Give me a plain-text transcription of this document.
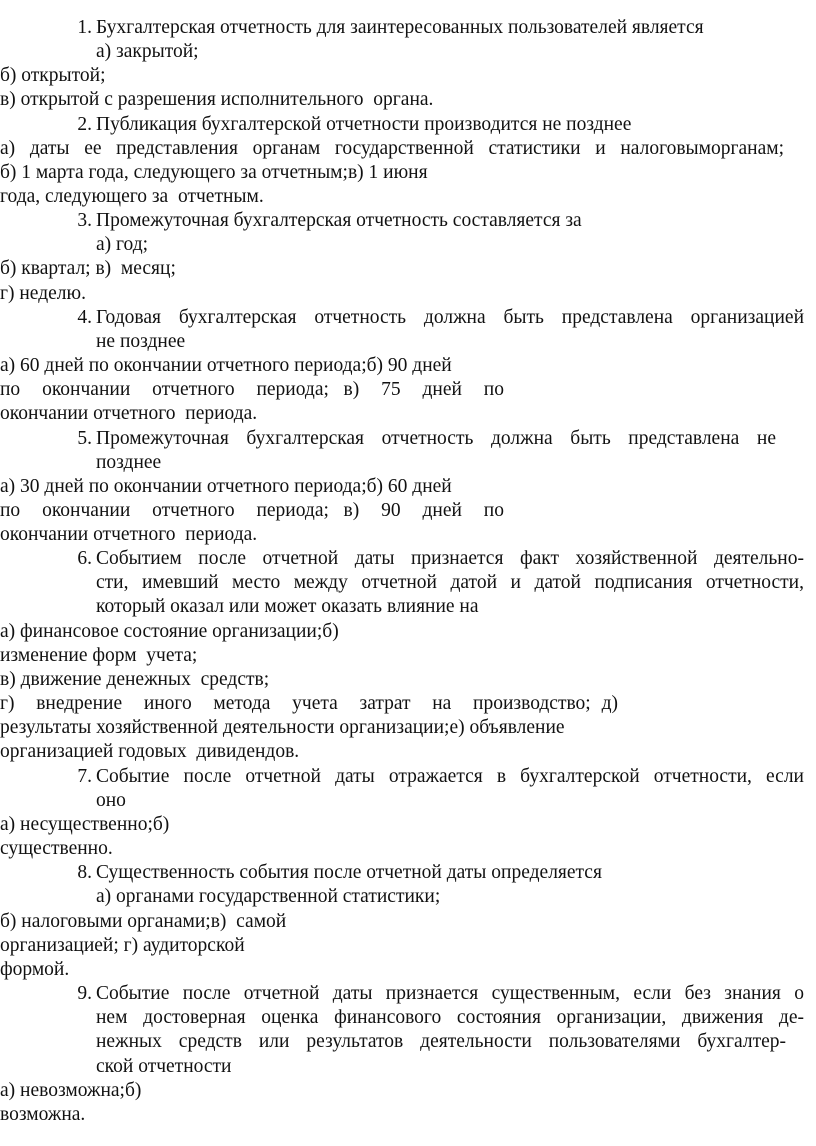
1. Бухгалтерская отчетность для заинтересованных пользователей является
а) закрытой;
б) открытой;
в) открытой с разрешения исполнительного  органа.
2. Публикация бухгалтерской отчетности производится не позднее
а) даты ее представления органам государственной статистики и налоговыморганам;
б) 1 марта года, следующего за отчетным;в) 1 июня
года, следующего за  отчетным.
3. Промежуточная бухгалтерская отчетность составляется за
а) год;
б) квартал; в)  месяц;
г) неделю.
4. Годовая бухгалтерская отчетность должна быть представлена организацией
не позднее
а) 60 дней по окончании отчетного периода;б) 90 дней
по   окончании   отчетного   периода;  в)   75   дней   по
окончании отчетного  периода.
5. Промежуточная бухгалтерская отчетность должна быть представлена не
позднее
а) 30 дней по окончании отчетного периода;б) 60 дней
по   окончании   отчетного   периода;  в)   90   дней   по
окончании отчетного  периода.
6. Событием после отчетной даты признается факт хозяйственной деятельно-
сти, имевший место между отчетной датой и датой подписания отчетности,
который оказал или может оказать влияние на
а) финансовое состояние организации;б)
изменение форм  учета;
в) движение денежных  средств;
г)  внедрение  иного  метода  учета  затрат  на  производство; д)
результаты хозяйственной деятельности организации;е) объявление
организацией годовых  дивидендов.
7. Событие после отчетной даты отражается в бухгалтерской отчетности, если
оно
а) несущественно;б)
существенно.
8. Существенность события после отчетной даты определяется
а) органами государственной статистики;
б) налоговыми органами;в)  самой
организацией; г) аудиторской
формой.
9. Событие после отчетной даты признается существенным, если без знания о
нем достоверная оценка финансового состояния организации, движения де-
нежных средств или результатов деятельности пользователями бухгалтер-
ской отчетности
а) невозможна;б)
возможна.
